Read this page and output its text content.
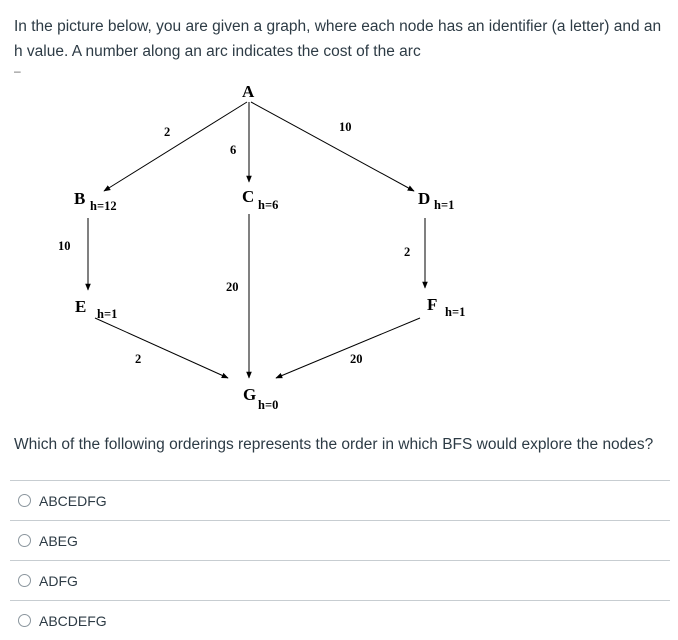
In the picture below, you are given a graph, where each node has an identifier (a letter) and an h value. A number along an arc indicates the cost of the arc
–
2
6
10
10
20
2
2	20
A
B h=12	C h=6	D h=1
E h=1	F h=1
G
h=0
Which of the following orderings represents the order in which BFS would explore the nodes?
ABCEDFG
ABEG
ADFG
ABCDEFG
